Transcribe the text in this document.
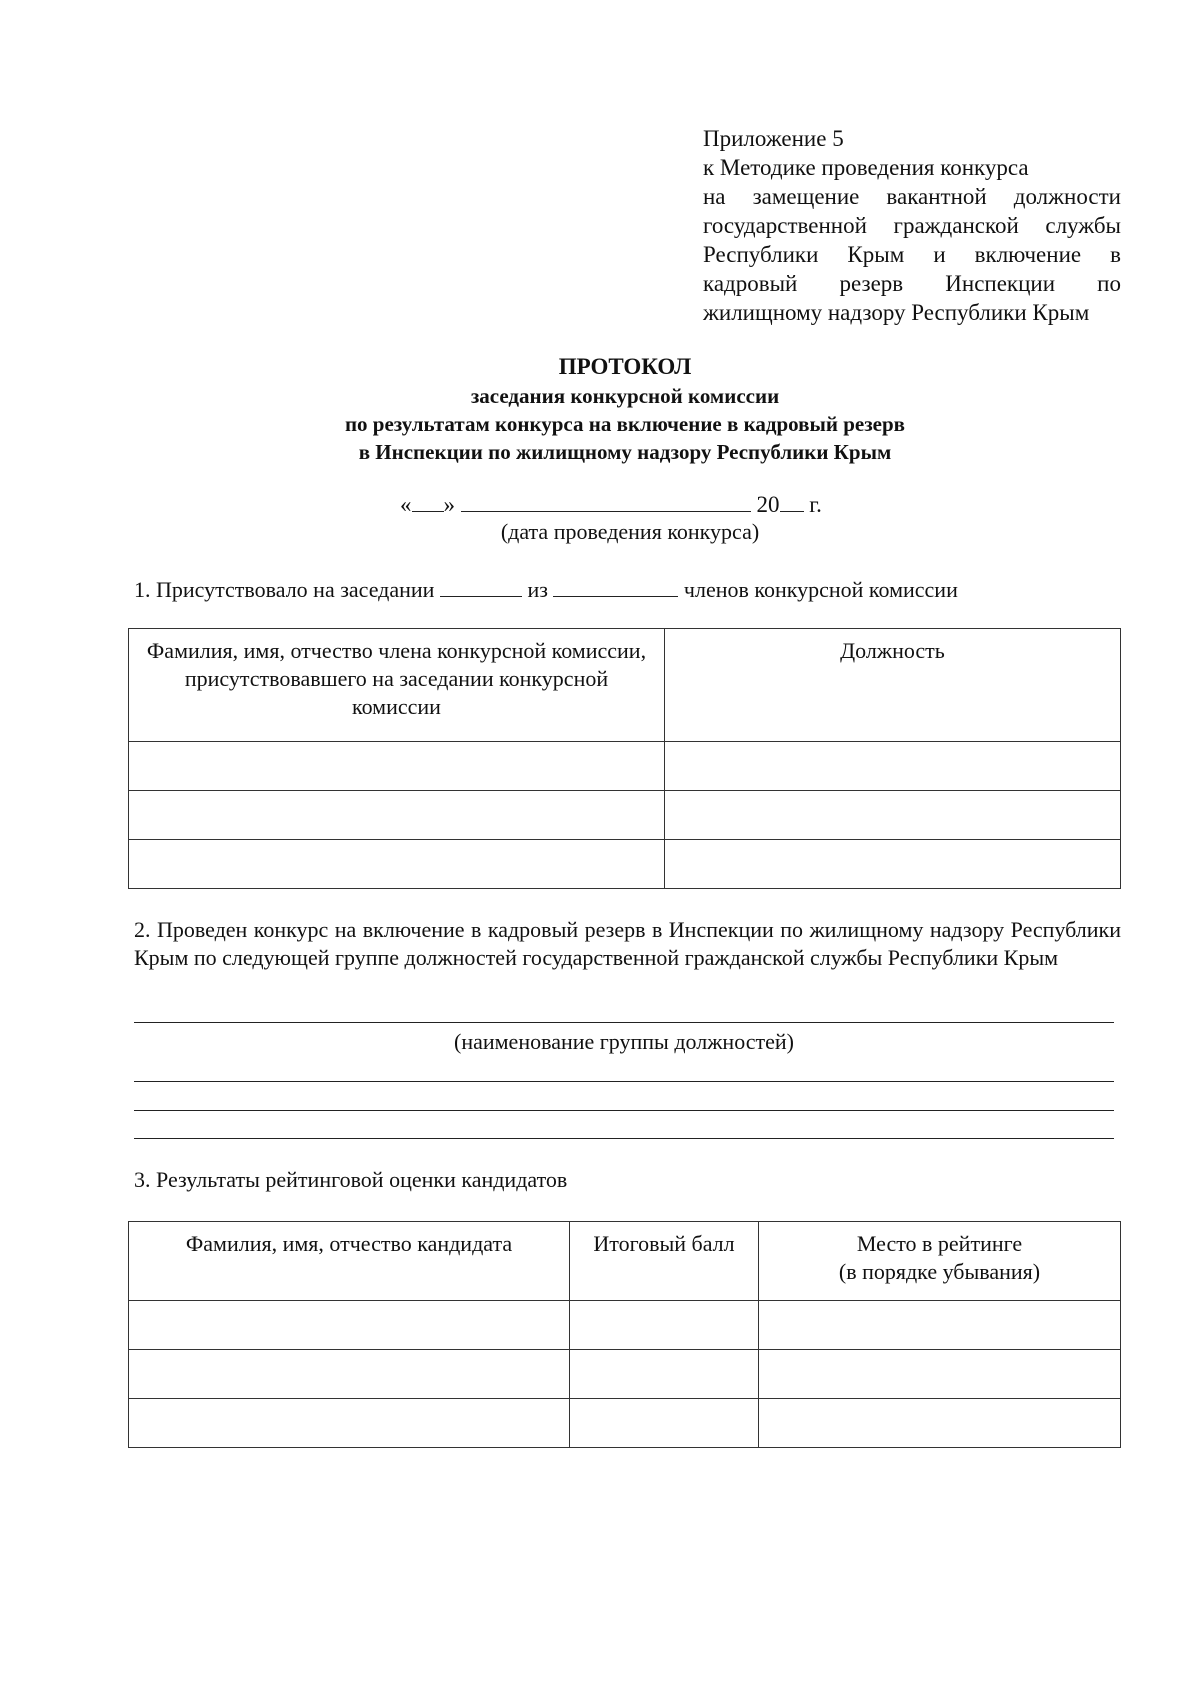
Приложение 5
к Методике проведения конкурса
на замещение вакантной должности
государственной гражданской службы
Республики Крым и включение в
кадровый резерв Инспекции по
жилищному надзору Республики Крым
ПРОТОКОЛ
заседания конкурсной комиссии
по результатам конкурса на включение в кадровый резерв
в Инспекции по жилищному надзору Республики Крым
« »	20 г.
(дата проведения конкурса)
1. Присутствовало на заседании	из	членов конкурсной комиссии
Фамилия, имя, отчество члена конкурсной комиссии, присутствовавшего на заседании конкурсной комиссии	Должность

2. Проведен конкурс на включение в кадровый резерв в Инспекции по жилищному надзору Республики Крым по следующей группе должностей государственной гражданской службы Республики Крым
(наименование группы должностей)
3. Результаты рейтинговой оценки кандидатов
Фамилия, имя, отчество кандидата	Итоговый балл	Место в рейтинге
(в порядке убывания)
